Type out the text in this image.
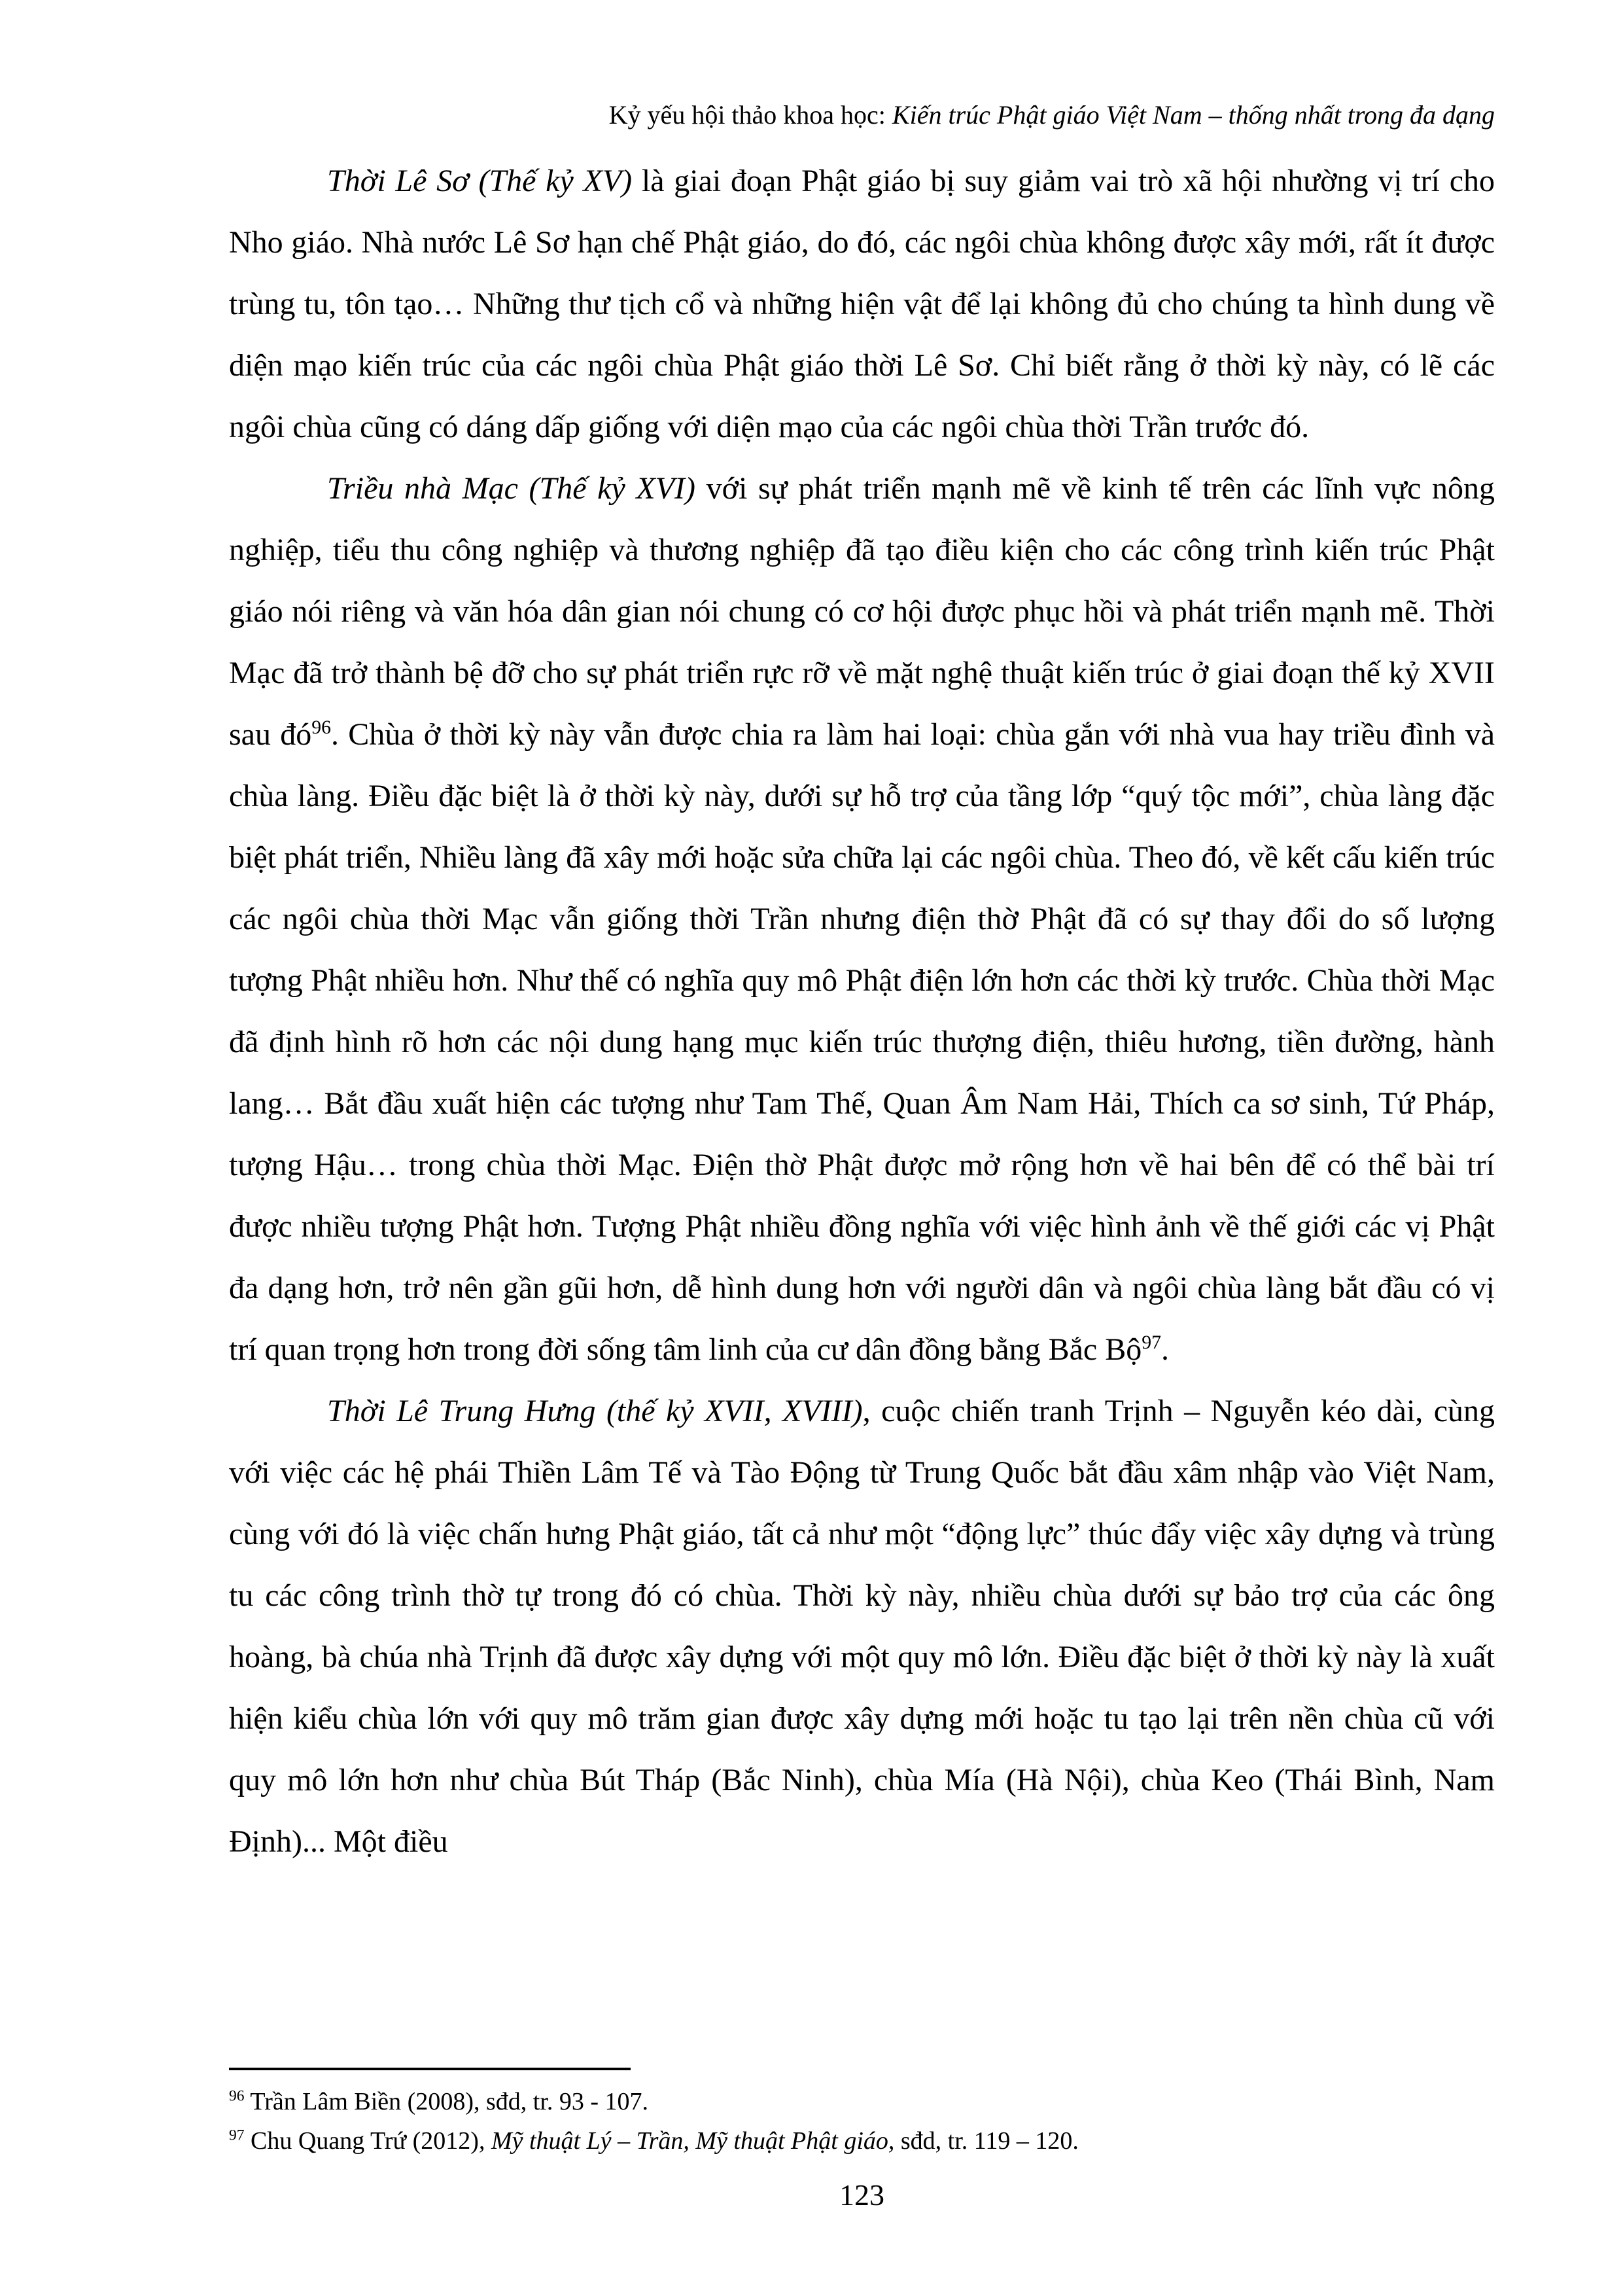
Kỷ yếu hội thảo khoa học: Kiến trúc Phật giáo Việt Nam – thống nhất trong đa dạng

Thời Lê Sơ (Thế kỷ XV) là giai đoạn Phật giáo bị suy giảm vai trò xã hội nhường vị trí cho Nho giáo. Nhà nước Lê Sơ hạn chế Phật giáo, do đó, các ngôi chùa không được xây mới, rất ít được trùng tu, tôn tạo… Những thư tịch cổ và những hiện vật để lại không đủ cho chúng ta hình dung về diện mạo kiến trúc của các ngôi chùa Phật giáo thời Lê Sơ. Chỉ biết rằng ở thời kỳ này, có lẽ các ngôi chùa cũng có dáng dấp giống với diện mạo của các ngôi chùa thời Trần trước đó.

Triều nhà Mạc (Thế kỷ XVI) với sự phát triển mạnh mẽ về kinh tế trên các lĩnh vực nông nghiệp, tiểu thu công nghiệp và thương nghiệp đã tạo điều kiện cho các công trình kiến trúc Phật giáo nói riêng và văn hóa dân gian nói chung có cơ hội được phục hồi và phát triển mạnh mẽ. Thời Mạc đã trở thành bệ đỡ cho sự phát triển rực rỡ về mặt nghệ thuật kiến trúc ở giai đoạn thế kỷ XVII sau $đó^{96}$. Chùa ở thời kỳ này vẫn được chia ra làm hai loại: chùa gắn với nhà vua hay triều đình và chùa làng. Điều đặc biệt là ở thời kỳ này, dưới sự hỗ trợ của tầng lớp “quý tộc mới”, chùa làng đặc biệt phát triển, Nhiều làng đã xây mới hoặc sửa chữa lại các ngôi chùa. Theo đó, về kết cấu kiến trúc các ngôi chùa thời Mạc vẫn giống thời Trần nhưng điện thờ Phật đã có sự thay đổi do số lượng tượng Phật nhiều hơn. Như thế có nghĩa quy mô Phật điện lớn hơn các thời kỳ trước. Chùa thời Mạc đã định hình rõ hơn các nội dung hạng mục kiến trúc thượng điện, thiêu hương, tiền đường, hành lang… Bắt đầu xuất hiện các tượng như Tam Thế, Quan Âm Nam Hải, Thích ca sơ sinh, Tứ Pháp, tượng Hậu… trong chùa thời Mạc. Điện thờ Phật được mở rộng hơn về hai bên để có thể bài trí được nhiều tượng Phật hơn. Tượng Phật nhiều đồng nghĩa với việc hình ảnh về thế giới các vị Phật đa dạng hơn, trở nên gần gũi hơn, dễ hình dung hơn với người dân và ngôi chùa làng bắt đầu có vị trí quan trọng hơn trong đời sống tâm linh của cư dân đồng bằng Bắc Bộ$^{97}$.

Thời Lê Trung Hưng (thế kỷ XVII, XVIII), cuộc chiến tranh Trịnh – Nguyễn kéo dài, cùng với việc các hệ phái Thiền Lâm Tế và Tào Động từ Trung Quốc bắt đầu xâm nhập vào Việt Nam, cùng với đó là việc chấn hưng Phật giáo, tất cả như một “động lực” thúc đẩy việc xây dựng và trùng tu các công trình thờ tự trong đó có chùa. Thời kỳ này, nhiều chùa dưới sự bảo trợ của các ông hoàng, bà chúa nhà Trịnh đã được xây dựng với một quy mô lớn. Điều đặc biệt ở thời kỳ này là xuất hiện kiểu chùa lớn với quy mô trăm gian được xây dựng mới hoặc tu tạo lại trên nền chùa cũ với quy mô lớn hơn như chùa Bút Tháp (Bắc Ninh), chùa Mía (Hà Nội), chùa Keo (Thái Bình, Nam Định)... Một điều

$^{96}$ Trần Lâm Biền (2008), sđd, tr. 93 - 107.

$^{97}$ Chu Quang Trứ (2012), Mỹ thuật Lý – Trần, Mỹ thuật Phật giáo, sđd, tr. 119 – 120.

123
